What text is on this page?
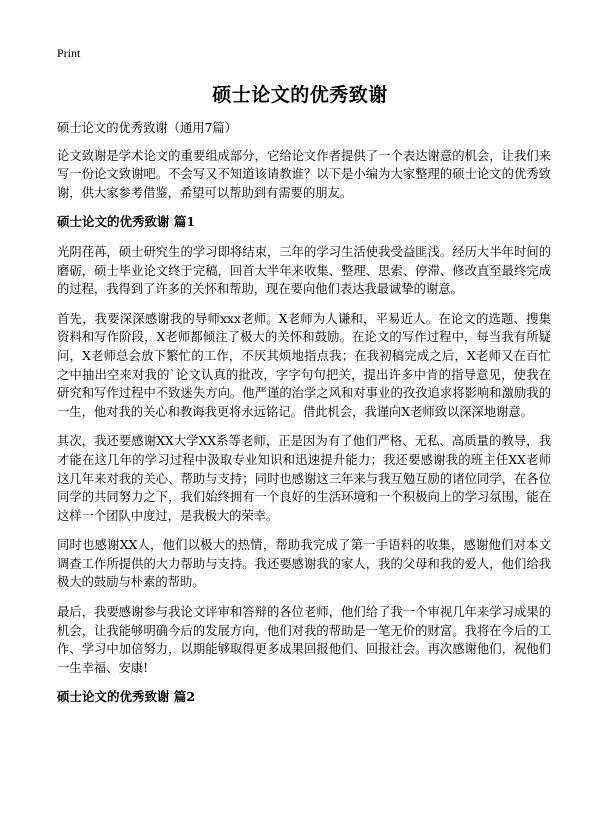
Print
硕士论文的优秀致谢

硕士论文的优秀致谢（通用7篇）

论文致谢是学术论文的重要组成部分，它给论文作者提供了一个表达谢意的机会，让我们来写一份论文致谢吧。不会写又不知道该请教谁？以下是小编为大家整理的硕士论文的优秀致谢，供大家参考借鉴，希望可以帮助到有需要的朋友。

硕士论文的优秀致谢 篇1

光阴荏苒，硕士研究生的学习即将结束，三年的学习生活使我受益匪浅。经历大半年时间的磨砺，硕士毕业论文终于完稿，回首大半年来收集、整理、思索、停滞、修改直至最终完成的过程，我得到了许多的关怀和帮助，现在要向他们表达我最诚挚的谢意。

首先，我要深深感谢我的导师xxx老师。X老师为人谦和，平易近人。在论文的选题、搜集资料和写作阶段，X老师都倾注了极大的关怀和鼓励。在论文的写作过程中，每当我有所疑问，X老师总会放下繁忙的工作，不厌其烦地指点我；在我初稿完成之后，X老师又在百忙之中抽出空来对我的`论文认真的批改，字字句句把关，提出许多中肯的指导意见，使我在研究和写作过程中不致迷失方向。他严谨的治学之风和对事业的孜孜追求将影响和激励我的一生，他对我的关心和教诲我更将永远铭记。借此机会，我谨向X老师致以深深地谢意。

其次，我还要感谢XX大学XX系等老师，正是因为有了他们严格、无私、高质量的教导，我才能在这几年的学习过程中汲取专业知识和迅速提升能力；我还要感谢我的班主任XX老师这几年来对我的关心、帮助与支持；同时也感谢这三年来与我互勉互励的诸位同学，在各位同学的共同努力之下，我们始终拥有一个良好的生活环境和一个积极向上的学习氛围，能在这样一个团队中度过，是我极大的荣幸。

同时也感谢XX人，他们以极大的热情，帮助我完成了第一手语料的收集，感谢他们对本文调查工作所提供的大力帮助与支持。我还要感谢我的家人，我的父母和我的爱人，他们给我极大的鼓励与朴素的帮助。

最后，我要感谢参与我论文评审和答辩的各位老师，他们给了我一个审视几年来学习成果的机会，让我能够明确今后的发展方向，他们对我的帮助是一笔无价的财富。我将在今后的工作、学习中加倍努力，以期能够取得更多成果回报他们、回报社会。再次感谢他们，祝他们一生幸福、安康!

硕士论文的优秀致谢 篇2
